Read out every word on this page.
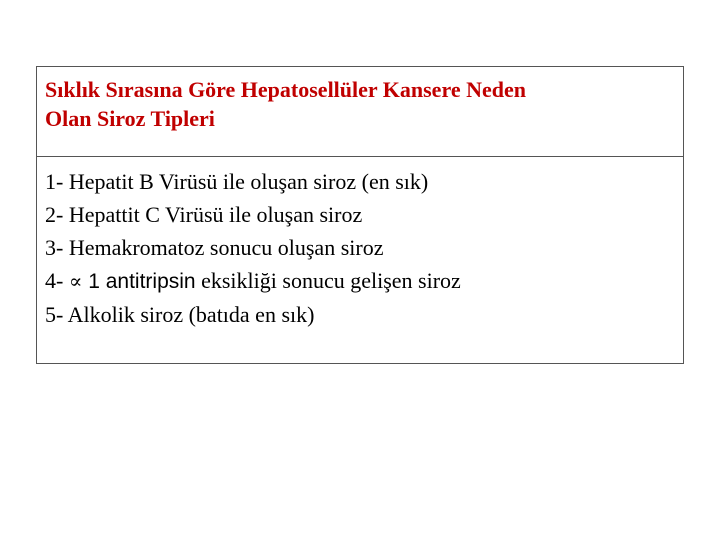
Sıklık Sırasına Göre Hepatosellüler Kansere Neden
Olan Siroz Tipleri
1- Hepatit B Virüsü ile oluşan siroz (en sık)
2- Hepattit C Virüsü ile oluşan siroz
3- Hemakromatoz sonucu oluşan siroz
4- ∝ 1 antitripsin eksikliği sonucu gelişen siroz
5- Alkolik siroz (batıda en sık)
